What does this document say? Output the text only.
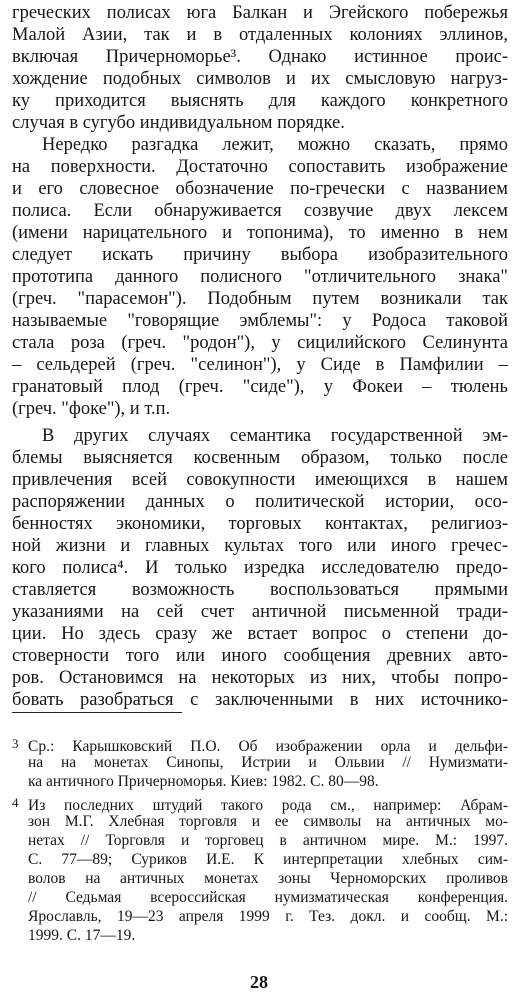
греческих полисах юга Балкан и Эгейского побережья
Малой Азии, так и в отдаленных колониях эллинов,
включая Причерноморье³. Однако истинное проис-
хождение подобных символов и их смысловую нагруз-
ку приходится выяснять для каждого конкретного
случая в сугубо индивидуальном порядке.
Нередко разгадка лежит, можно сказать, прямо
на поверхности. Достаточно сопоставить изображение
и его словесное обозначение по-гречески с названием
полиса. Если обнаруживается созвучие двух лексем
(имени нарицательного и топонима), то именно в нем
следует искать причину выбора изобразительного
прототипа данного полисного "отличительного знака"
(греч. "парасемон"). Подобным путем возникали так
называемые "говорящие эмблемы": у Родоса таковой
стала роза (греч. "родон"), у сицилийского Селинунта
– сельдерей (греч. "селинон"), у Сиде в Памфилии –
гранатовый плод (греч. "сиде"), у Фокеи – тюлень
(греч. "фоке"), и т.п.
В других случаях семантика государственной эм-
блемы выясняется косвенным образом, только после
привлечения всей совокупности имеющихся в нашем
распоряжении данных о политической истории, осо-
бенностях экономики, торговых контактах, религиоз-
ной жизни и главных культах того или иного гречес-
кого полиса⁴. И только изредка исследователю предо-
ставляется возможность воспользоваться прямыми
указаниями на сей счет античной письменной тради-
ции. Но здесь сразу же встает вопрос о степени до-
стоверности того или иного сообщения древних авто-
ров. Остановимся на некоторых из них, чтобы попро-
бовать разобраться с заключенными в них источнико-
3 Ср.: Карышковский П.О. Об изображении орла и дельфи-
на на монетах Синопы, Истрии и Ольвии // Нумизмати-
ка античного Причерноморья. Киев: 1982. С. 80—98.
4 Из последних штудий такого рода см., например: Абрам-
зон М.Г. Хлебная торговля и ее символы на античных мо-
нетах // Торговля и торговец в античном мире. М.: 1997.
С. 77—89; Суриков И.Е. К интерпретации хлебных сим-
волов на античных монетах зоны Черноморских проливов
// Седьмая всероссийская нумизматическая конференция.
Ярославль, 19—23 апреля 1999 г. Тез. докл. и сообщ. М.:
1999. С. 17—19.
28
